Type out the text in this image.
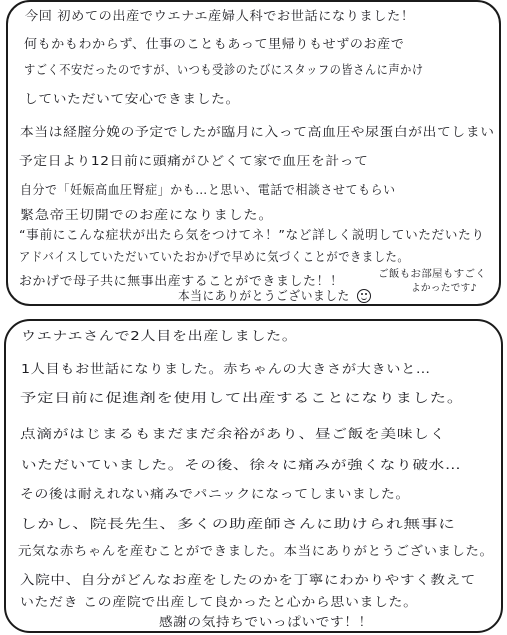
今回 初めての出産でウエナエ産婦人科でお世話になりました！
何もかもわからず、仕事のこともあって里帰りもせずのお産で
すごく不安だったのですが、いつも受診のたびにスタッフの皆さんに声かけ
していただいて安心できました。
本当は経腟分娩の予定でしたが臨月に入って高血圧や尿蛋白が出てしまい
予定日より12日前に頭痛がひどくて家で血圧を計って
自分で「妊娠高血圧腎症」かも…と思い、電話で相談させてもらい
緊急帝王切開でのお産になりました。
“事前にこんな症状が出たら気をつけてネ！”など詳しく説明していただいたり
アドバイスしていただいていたおかげで早めに気づくことができました。
おかげで母子共に無事出産することができました！！	ご飯もお部屋もすごく
よかったです♪
本当にありがとうございました
ウエナエさんで2人目を出産しました。
1人目もお世話になりました。赤ちゃんの大きさが大きいと…
予定日前に促進剤を使用して出産することになりました。
点滴がはじまるもまだまだ余裕があり、昼ご飯を美味しく
いただいていました。その後、徐々に痛みが強くなり破水…
その後は耐えれない痛みでパニックになってしまいました。
しかし、院長先生、多くの助産師さんに助けられ無事に
元気な赤ちゃんを産むことができました。本当にありがとうございました。
入院中、自分がどんなお産をしたのかを丁寧にわかりやすく教えて
いただき この産院で出産して良かったと心から思いました。
感謝の気持ちでいっぱいです！！
